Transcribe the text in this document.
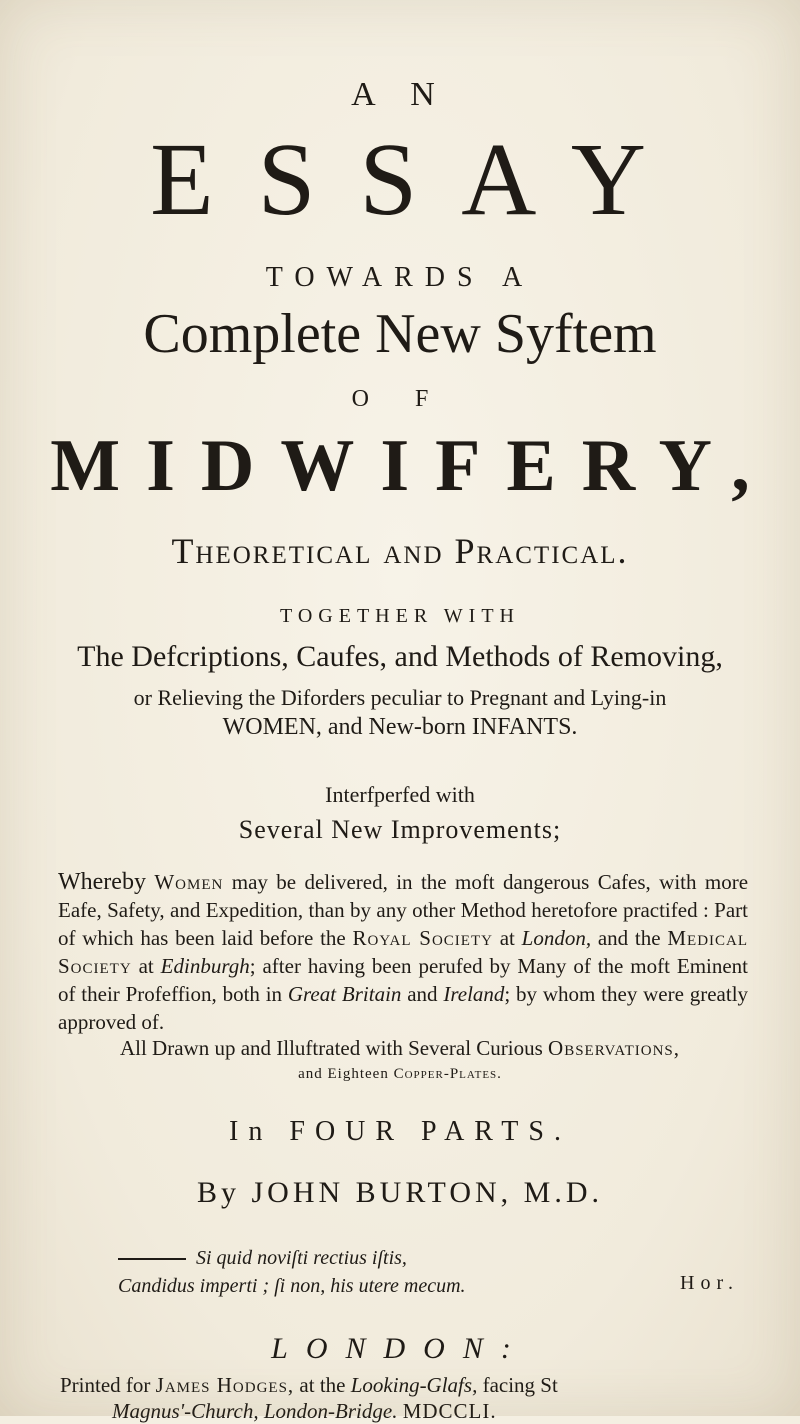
A N
ESSAY
TOWARDS A
Complete New Syftem
O F
MIDWIFERY,
Theoretical and Practical.
TOGETHER WITH
The Defcriptions, Caufes, and Methods of Removing,
or Relieving the Diforders peculiar to Pregnant and Lying-in
WOMEN, and New-born INFANTS.
Interfperfed with
Several New Improvements;
Whereby Women may be delivered, in the moft dangerous Cafes, with more Eafe, Safety, and Expedition, than by any other Method heretofore practifed : Part of which has been laid before the Royal Society at London, and the Medical Society at Edinburgh; after having been perufed by Many of the moft Eminent of their Profeffion, both in Great Britain and Ireland; by whom they were greatly approved of.
All Drawn up and Illuftrated with Several Curious Observations,
and Eighteen Copper-Plates.
In FOUR PARTS.
By JOHN BURTON, M.D.
Si quid noviſti rectius iſtis,
Candidus imperti ; ſi non, his utere mecum.	Hor.
LONDON:
Printed for James Hodges, at the Looking-Glafs, facing St
Magnus'-Church, London-Bridge. MDCCLI.
